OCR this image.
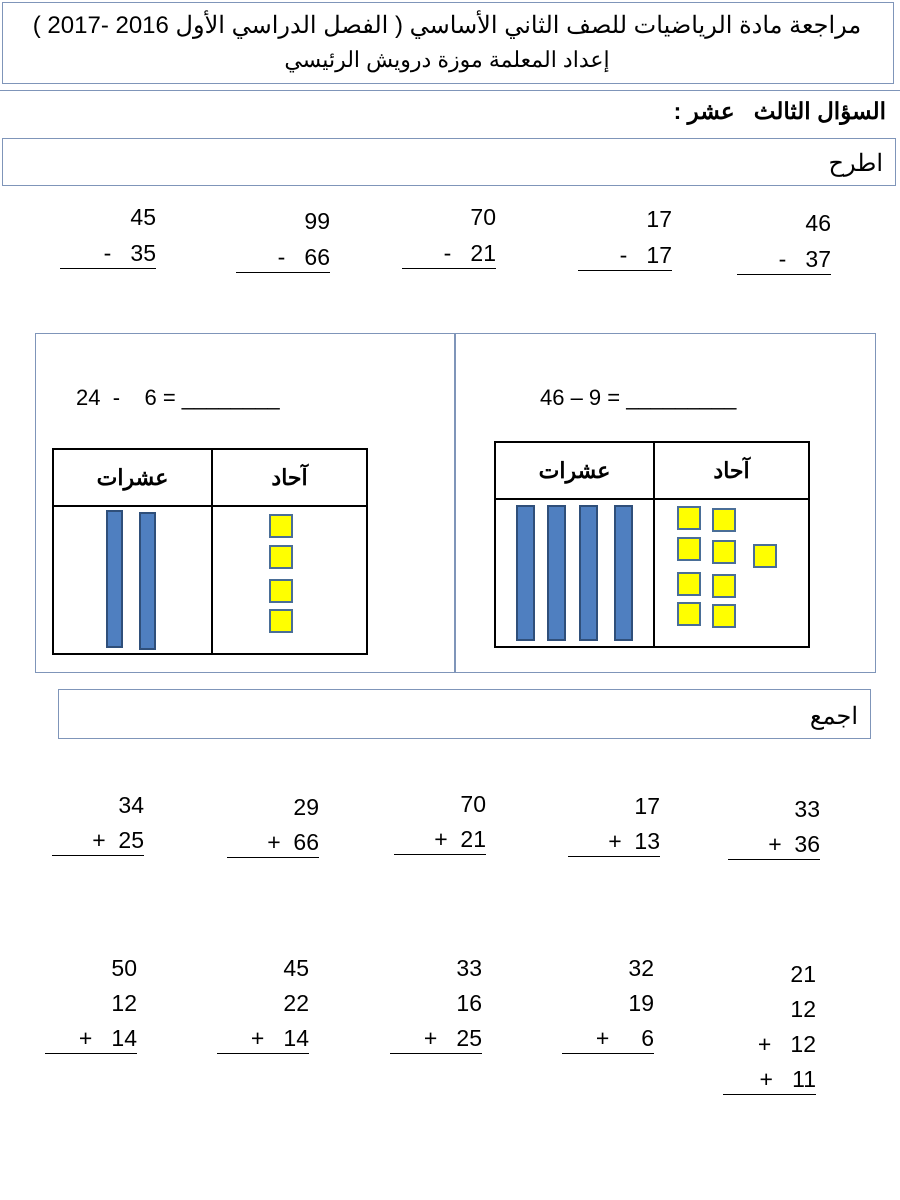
مراجعة مادة الرياضيات للصف الثاني الأساسي ( الفصل الدراسي الأول 2016 -2017 )
إعداد المعلمة موزة درويش الرئيسي
السؤال الثالث   عشر :
اطرح
45
-   35
99
-   66
70
-   21
17
-   17
46
-   37
24  -    6 = ________	46 – 9 = _________
عشرات	آحاد
		عشرات	آحاد

اجمع
34
+  25
29
+  66
70
+  21
17
+  13
33
+  36
50
12
+   14
45
22
+   14
33
16
+   25
32
19
+     6
21
12
+   12
+   11
